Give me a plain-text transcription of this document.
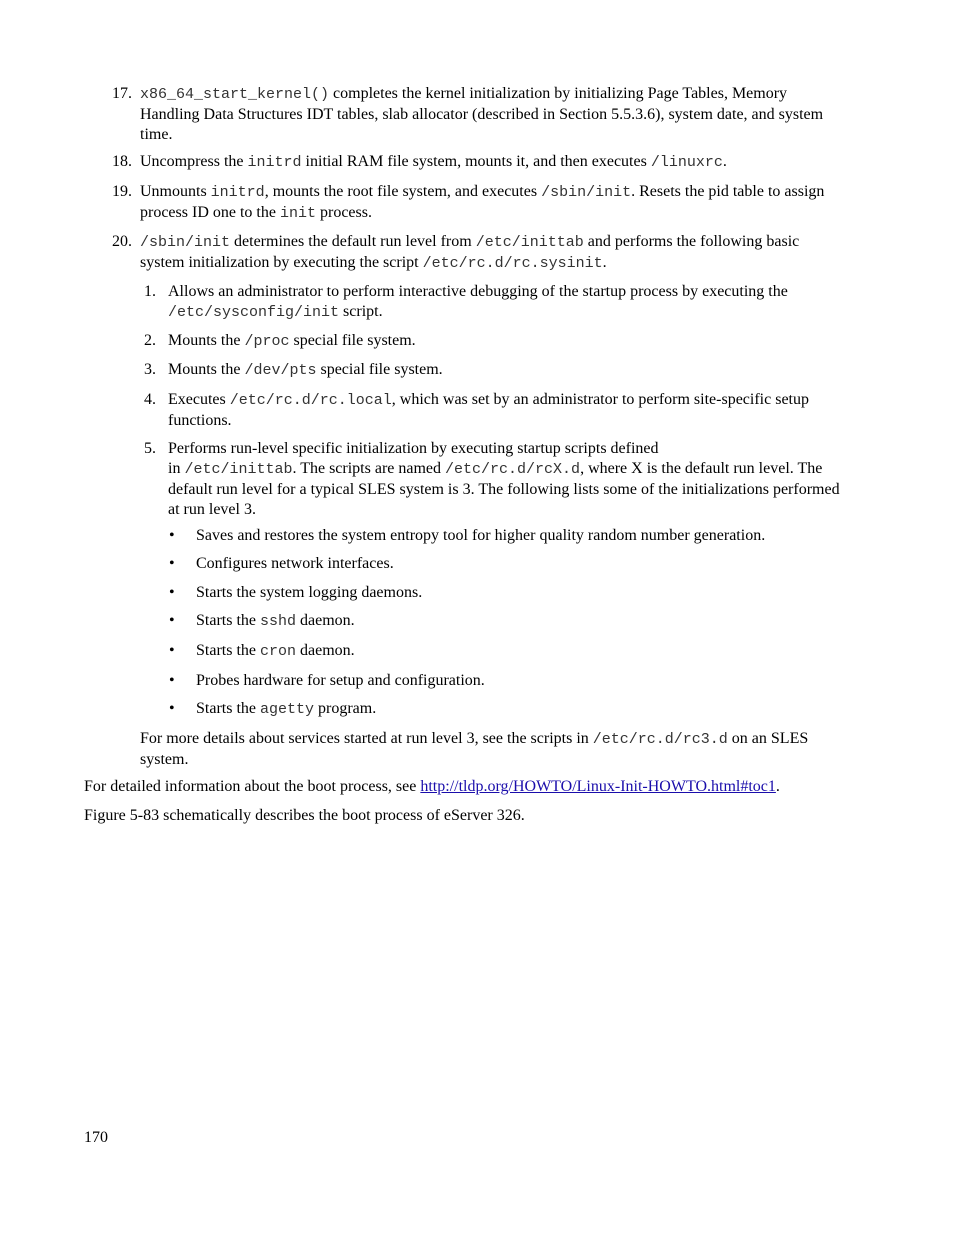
17. x86_64_start_kernel() completes the kernel initialization by initializing Page Tables, Memory Handling Data Structures IDT tables, slab allocator (described in Section 5.5.3.6), system date, and system time.
18. Uncompress the initrd initial RAM file system, mounts it, and then executes /linuxrc.
19. Unmounts initrd, mounts the root file system, and executes /sbin/init. Resets the pid table to assign process ID one to the init process.
20. /sbin/init determines the default run level from /etc/inittab and performs the following basic system initialization by executing the script /etc/rc.d/rc.sysinit.
1. Allows an administrator to perform interactive debugging of the startup process by executing the /etc/sysconfig/init script.
2. Mounts the /proc special file system.
3. Mounts the /dev/pts special file system.
4. Executes /etc/rc.d/rc.local, which was set by an administrator to perform site-specific setup functions.
5. Performs run-level specific initialization by executing startup scripts defined
in /etc/inittab. The scripts are named /etc/rc.d/rcX.d, where X is the default run level. The default run level for a typical SLES system is 3. The following lists some of the initializations performed at run level 3.
• Saves and restores the system entropy tool for higher quality random number generation.
• Configures network interfaces.
• Starts the system logging daemons.
• Starts the sshd daemon.
• Starts the cron daemon.
• Probes hardware for setup and configuration.
• Starts the agetty program.
For more details about services started at run level 3, see the scripts in /etc/rc.d/rc3.d on an SLES system.
For detailed information about the boot process, see http://tldp.org/HOWTO/Linux-Init-HOWTO.html#toc1.
Figure 5-83 schematically describes the boot process of eServer 326.
170
